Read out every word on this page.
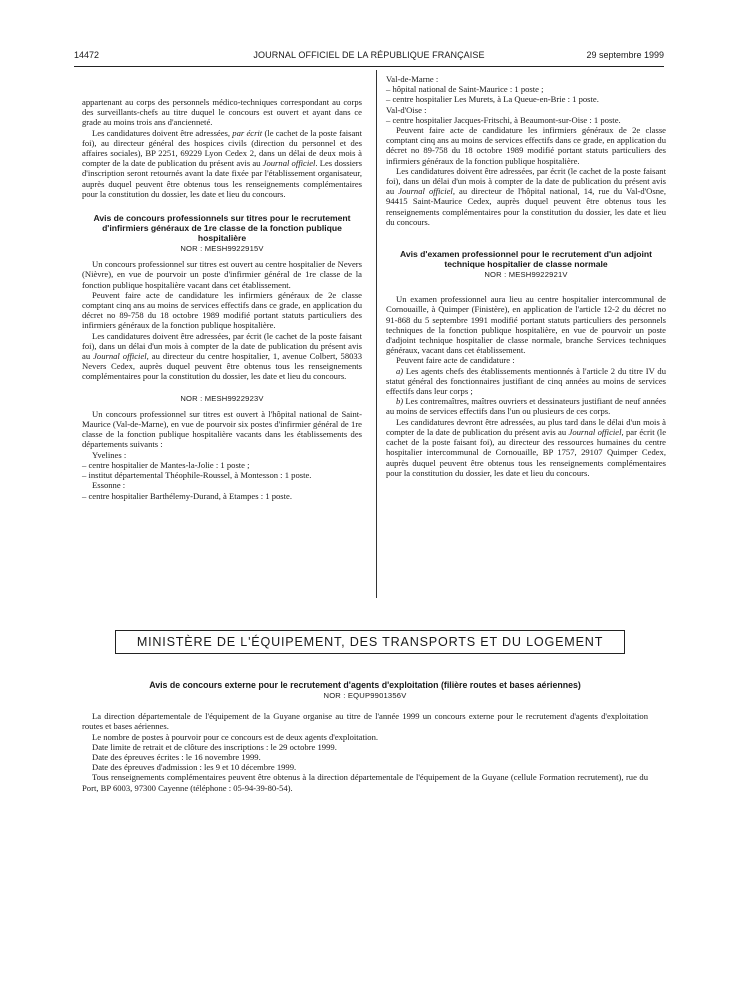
14472	JOURNAL OFFICIEL DE LA RÉPUBLIQUE FRANÇAISE	29 septembre 1999

appartenant au corps des personnels médico-techniques correspondant au corps des surveillants-chefs au titre duquel le concours est ouvert et ayant dans ce grade au moins trois ans d'ancienneté.

Les candidatures doivent être adressées, par écrit (le cachet de la poste faisant foi), au directeur général des hospices civils (direction du personnel et des affaires sociales), BP 2251, 69229 Lyon Cedex 2, dans un délai de deux mois à compter de la date de publication du présent avis au Journal officiel. Les dossiers d'inscription seront retournés avant la date fixée par l'établissement organisateur, auprès duquel peuvent être obtenus tous les renseignements complémentaires pour la constitution du dossier, les date et lieu du concours.

Avis de concours professionnels sur titres pour le recrutement d'infirmiers généraux de 1re classe de la fonction publique hospitalière

NOR : MESH9922915V

Un concours professionnel sur titres est ouvert au centre hospitalier de Nevers (Nièvre), en vue de pourvoir un poste d'infirmier général de 1re classe de la fonction publique hospitalière vacant dans cet établissement.

Peuvent faire acte de candidature les infirmiers généraux de 2e classe comptant cinq ans au moins de services effectifs dans ce grade, en application du décret no 89-758 du 18 octobre 1989 modifié portant statuts particuliers des infirmiers généraux de la fonction publique hospitalière.

Les candidatures doivent être adressées, par écrit (le cachet de la poste faisant foi), dans un délai d'un mois à compter de la date de publication du présent avis au Journal officiel, au directeur du centre hospitalier, 1, avenue Colbert, 58033 Nevers Cedex, auprès duquel peuvent être obtenus tous les renseignements complémentaires pour la constitution du dossier, les date et lieu du concours.

NOR : MESH9922923V

Un concours professionnel sur titres est ouvert à l'hôpital national de Saint-Maurice (Val-de-Marne), en vue de pourvoir six postes d'infirmier général de 1re classe de la fonction publique hospitalière vacants dans les établissements des départements suivants :

Yvelines :

– centre hospitalier de Mantes-la-Jolie : 1 poste ;

– institut départemental Théophile-Roussel, à Montesson : 1 poste.

Essonne :

– centre hospitalier Barthélemy-Durand, à Etampes : 1 poste.

Val-de-Marne :

– hôpital national de Saint-Maurice : 1 poste ;

– centre hospitalier Les Murets, à La Queue-en-Brie : 1 poste.

Val-d'Oise :

– centre hospitalier Jacques-Fritschi, à Beaumont-sur-Oise : 1 poste.

Peuvent faire acte de candidature les infirmiers généraux de 2e classe comptant cinq ans au moins de services effectifs dans ce grade, en application du décret no 89-758 du 18 octobre 1989 modifié portant statuts particuliers des infirmiers généraux de la fonction publique hospitalière.

Les candidatures doivent être adressées, par écrit (le cachet de la poste faisant foi), dans un délai d'un mois à compter de la date de publication du présent avis au Journal officiel, au directeur de l'hôpital national, 14, rue du Val-d'Osne, 94415 Saint-Maurice Cedex, auprès duquel peuvent être obtenus tous les renseignements complémentaires pour la constitution du dossier, les date et lieu du concours.

Avis d'examen professionnel pour le recrutement d'un adjoint technique hospitalier de classe normale

NOR : MESH9922921V

Un examen professionnel aura lieu au centre hospitalier intercommunal de Cornouaille, à Quimper (Finistère), en application de l'article 12-2 du décret no 91-868 du 5 septembre 1991 modifié portant statuts particuliers des personnels techniques de la fonction publique hospitalière, en vue de pourvoir un poste d'adjoint technique hospitalier de classe normale, branche Services techniques généraux, vacant dans cet établissement.

Peuvent faire acte de candidature :

a) Les agents chefs des établissements mentionnés à l'article 2 du titre IV du statut général des fonctionnaires justifiant de cinq années au moins de services effectifs dans leur corps ;

b) Les contremaîtres, maîtres ouvriers et dessinateurs justifiant de neuf années au moins de services effectifs dans l'un ou plusieurs de ces corps.

Les candidatures devront être adressées, au plus tard dans le délai d'un mois à compter de la date de publication du présent avis au Journal officiel, par écrit (le cachet de la poste faisant foi), au directeur des ressources humaines du centre hospitalier intercommunal de Cornouaille, BP 1757, 29107 Quimper Cedex, auprès duquel peuvent être obtenus tous les renseignements complémentaires pour la constitution du dossier, les date et lieu du concours.

MINISTÈRE DE L'ÉQUIPEMENT, DES TRANSPORTS ET DU LOGEMENT

Avis de concours externe pour le recrutement d'agents d'exploitation (filière routes et bases aériennes)

NOR : EQUP9901356V

La direction départementale de l'équipement de la Guyane organise au titre de l'année 1999 un concours externe pour le recrutement d'agents d'exploitation routes et bases aériennes.

Le nombre de postes à pourvoir pour ce concours est de deux agents d'exploitation.

Date limite de retrait et de clôture des inscriptions : le 29 octobre 1999.

Date des épreuves écrites : le 16 novembre 1999.

Date des épreuves d'admission : les 9 et 10 décembre 1999.

Tous renseignements complémentaires peuvent être obtenus à la direction départementale de l'équipement de la Guyane (cellule Formation recrutement), rue du Port, BP 6003, 97300 Cayenne (téléphone : 05-94-39-80-54).
